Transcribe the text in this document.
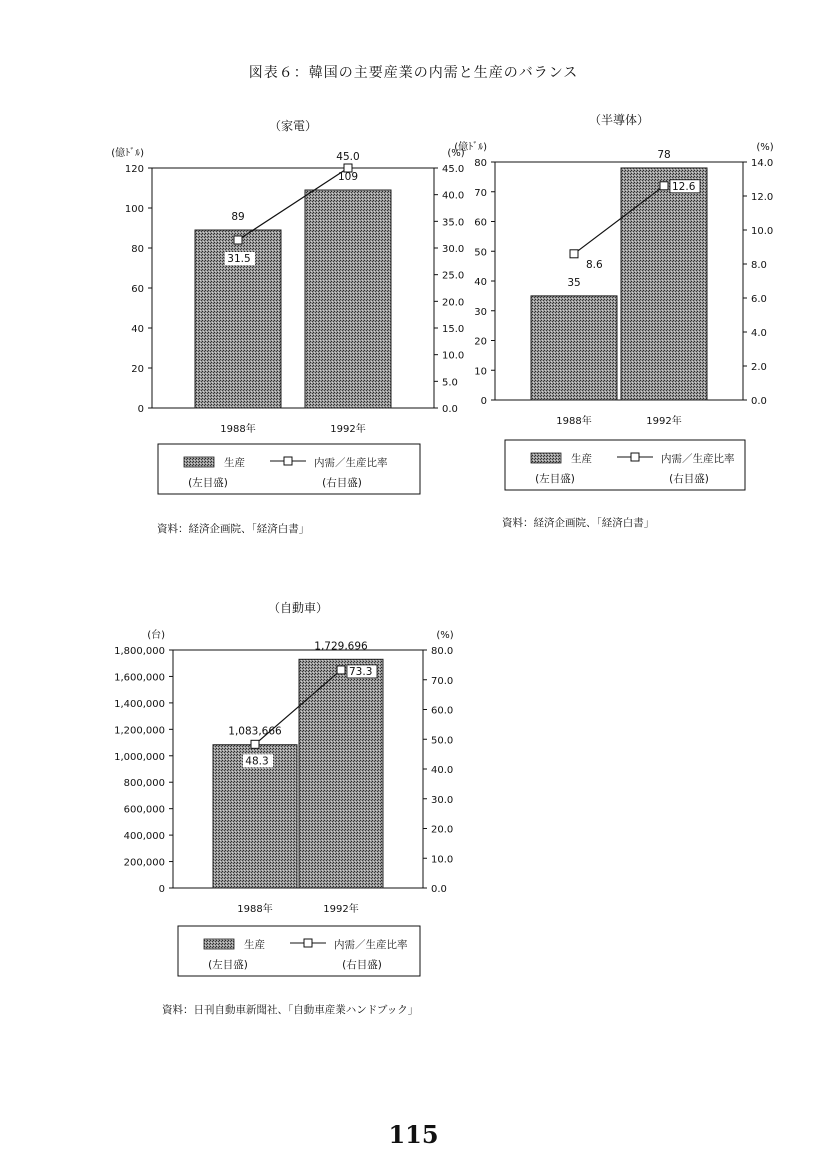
図表６：韓国の主要産業の内需と生産のバランス
（家電）
(億ﾄﾞﾙ)	(%)
0
20
40
60
80
100
120
0.0
5.0
10.0
15.0
20.0
25.0
30.0
35.0
40.0
45.0
1988年	1992年
89
109
31.5
45.0
生産
(左目盛)
内需／生産比率
(右目盛)
資料：経済企画院、「経済白書」
（半導体）
(億ﾄﾞﾙ)	(%)
0
10
20
30
40
50
60
70
80
0.0
2.0
4.0
6.0
8.0
10.0
12.0
14.0
1988年	1992年
35
78
8.6
12.6
生産
(左目盛)
内需／生産比率
(右目盛)
資料：経済企画院、「経済白書」
（自動車）
(台)	(%)
0
200,000
400,000
600,000
800,000
1,000,000
1,200,000
1,400,000
1,600,000
1,800,000
0.0
10.0
20.0
30.0
40.0
50.0
60.0
70.0
80.0
1988年	1992年
1,083,666
1,729,696
48.3
73.3
生産
(左目盛)
内需／生産比率
(右目盛)
資料：日刊自動車新聞社、「自動車産業ハンドブック」
115
